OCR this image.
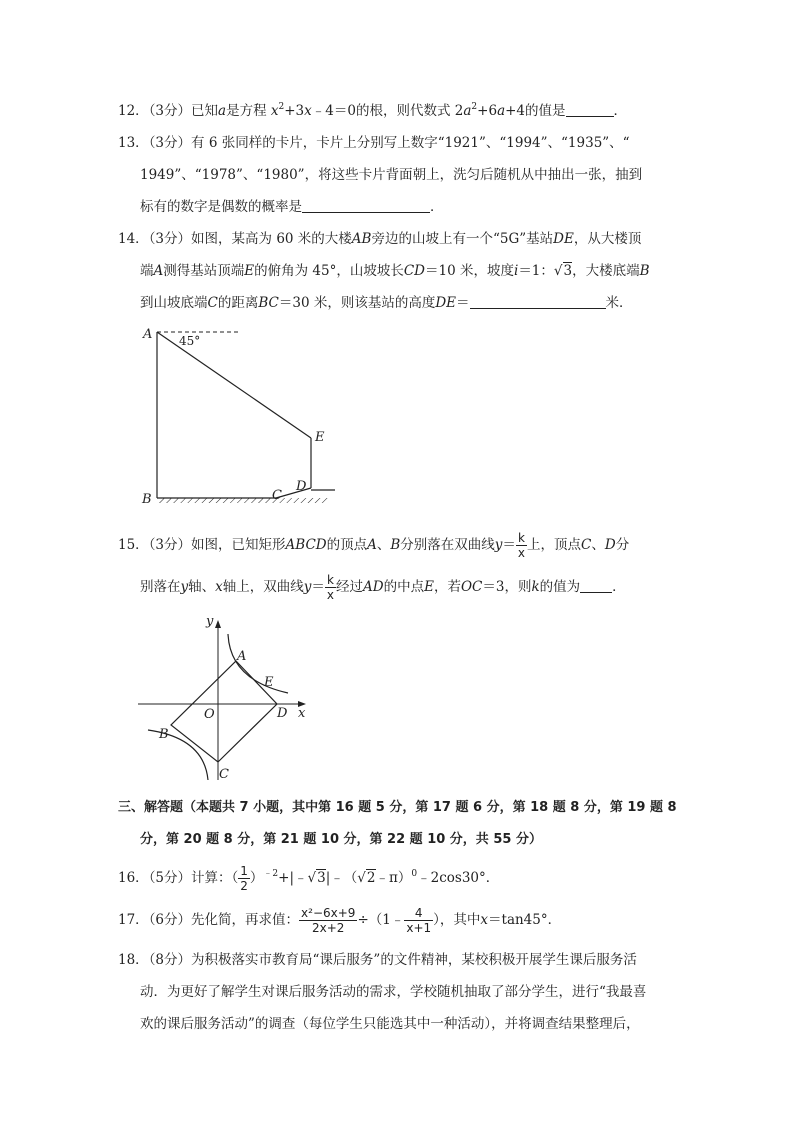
12．（3分）已知a是方程 $x^2+3x﹣4=0$的根，则代数式 $2a^2+6a+4$的值是	．
13．（3分）有 6 张同样的卡片，卡片上分别写上数字“1921”、“1994”、“1935”、“
1949”、“1978”、“1980”，将这些卡片背面朝上，洗匀后随机从中抽出一张，抽到
标有的数字是偶数的概率是	．
14．（3分）如图，某高为 60 米的大楼AB旁边的山坡上有一个“5G”基站DE，从大楼顶
端A测得基站顶端E的俯角为 45°，山坡坡长CD＝10 米，坡度i＝1：√3，大楼底端B
到山坡底端C的距离BC＝30 米，则该基站的高度DE＝	米．
A 45°
B	C
D
E
15．（3分）如图，已知矩形ABCD的顶点A、B分别落在双曲线$y= \frac{k}{x}$ 上，顶点C、D分
别落在y轴、x轴上，双曲线$y= \frac{k}{x}$ 经过AD的中点E，若OC＝3，则k的值为 ．
y
x
O
A
E
D
B
C
三、解答题（本题共 7 小题，其中第 16 题 5 分，第 17 题 6 分，第 18 题 8 分，第 19 题 8
分，第 20 题 8 分，第 21 题 10 分，第 22 题 10 分，共 55 分）
16．（5分）计算：（ $\frac{1}{2}$ ）$^{﹣2}$+|﹣√3|﹣（√2﹣π）$^0$﹣2cos30°．
17．（6分）先化简，再求值： $\frac{\text{x²−6x+9}}{2x+2}$ ÷（1﹣ $\frac{4}{x+1}$ ），其中x＝tan45°．
18．（8分）为积极落实市教育局“课后服务”的文件精神，某校积极开展学生课后服务活
动．为更好了解学生对课后服务活动的需求，学校随机抽取了部分学生，进行“我最喜
欢的课后服务活动”的调查（每位学生只能选其中一种活动），并将调查结果整理后，
